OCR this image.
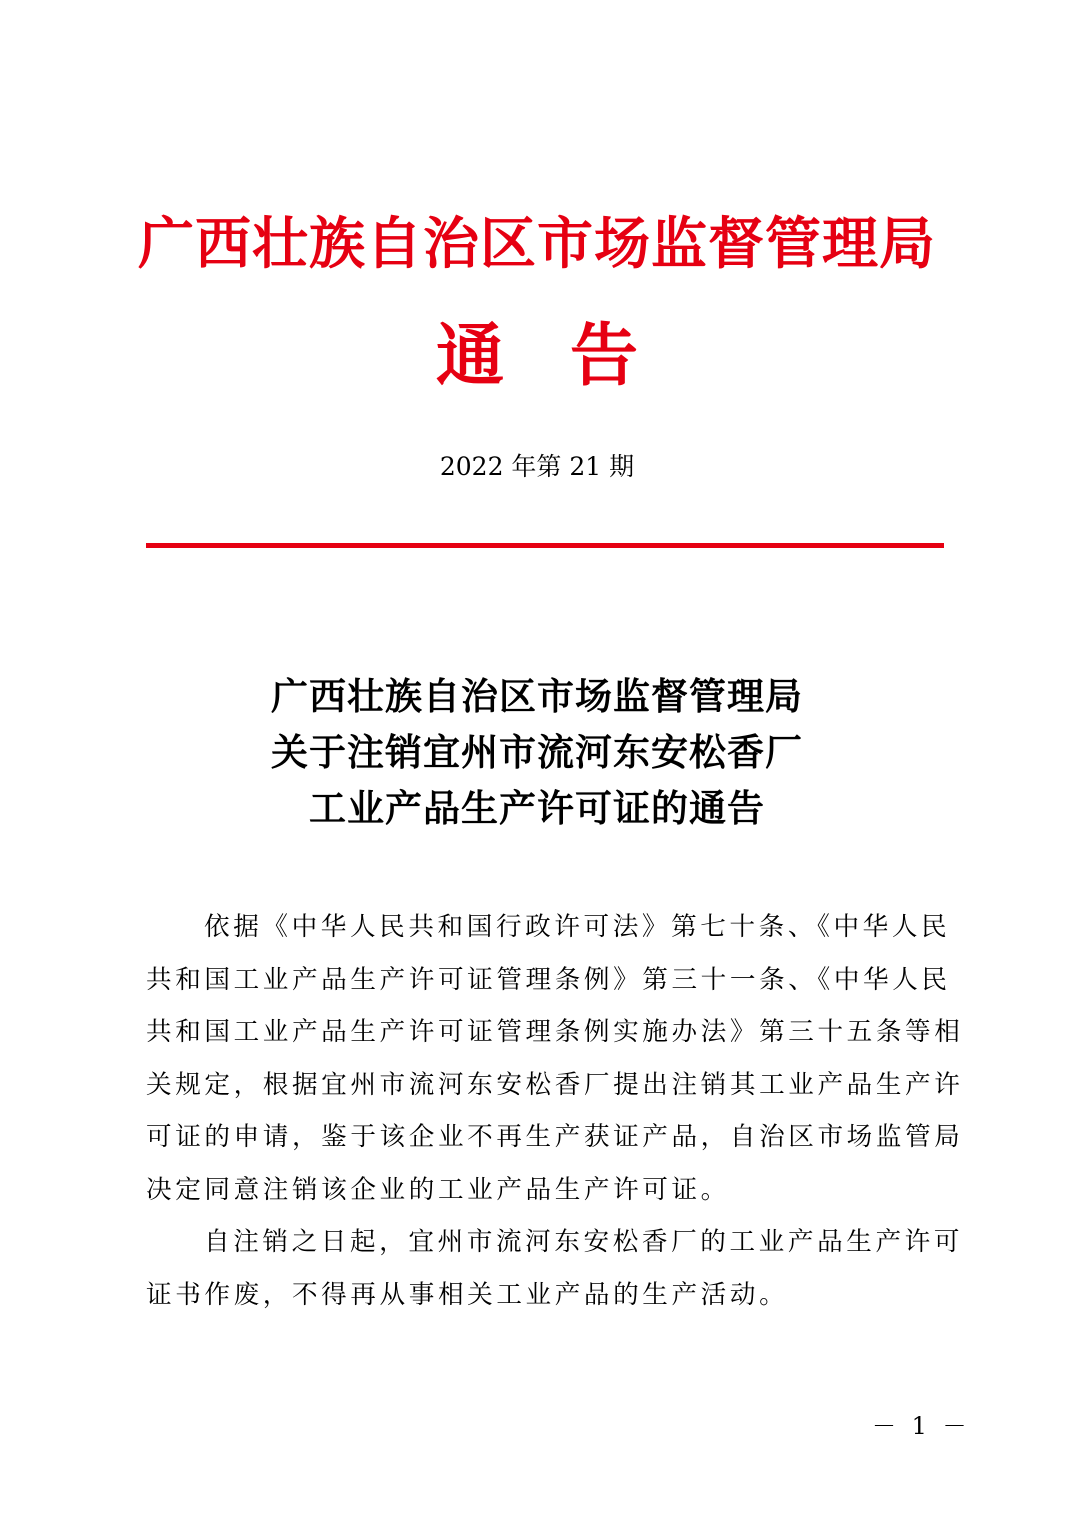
广西壮族自治区市场监督管理局
通 告
2022 年第 21 期
广西壮族自治区市场监督管理局
关于注销宜州市流河东安松香厂
工业产品生产许可证的通告

依据《中华人民共和国行政许可法》第七十条、《中华人民
共和国工业产品生产许可证管理条例》第三十一条、《中华人民
共和国工业产品生产许可证管理条例实施办法》第三十五条等相
关规定，根据宜州市流河东安松香厂提出注销其工业产品生产许
可证的申请，鉴于该企业不再生产获证产品，自治区市场监管局
决定同意注销该企业的工业产品生产许可证。

自注销之日起，宜州市流河东安松香厂的工业产品生产许可
证书作废，不得再从事相关工业产品的生产活动。

－ 1 －
